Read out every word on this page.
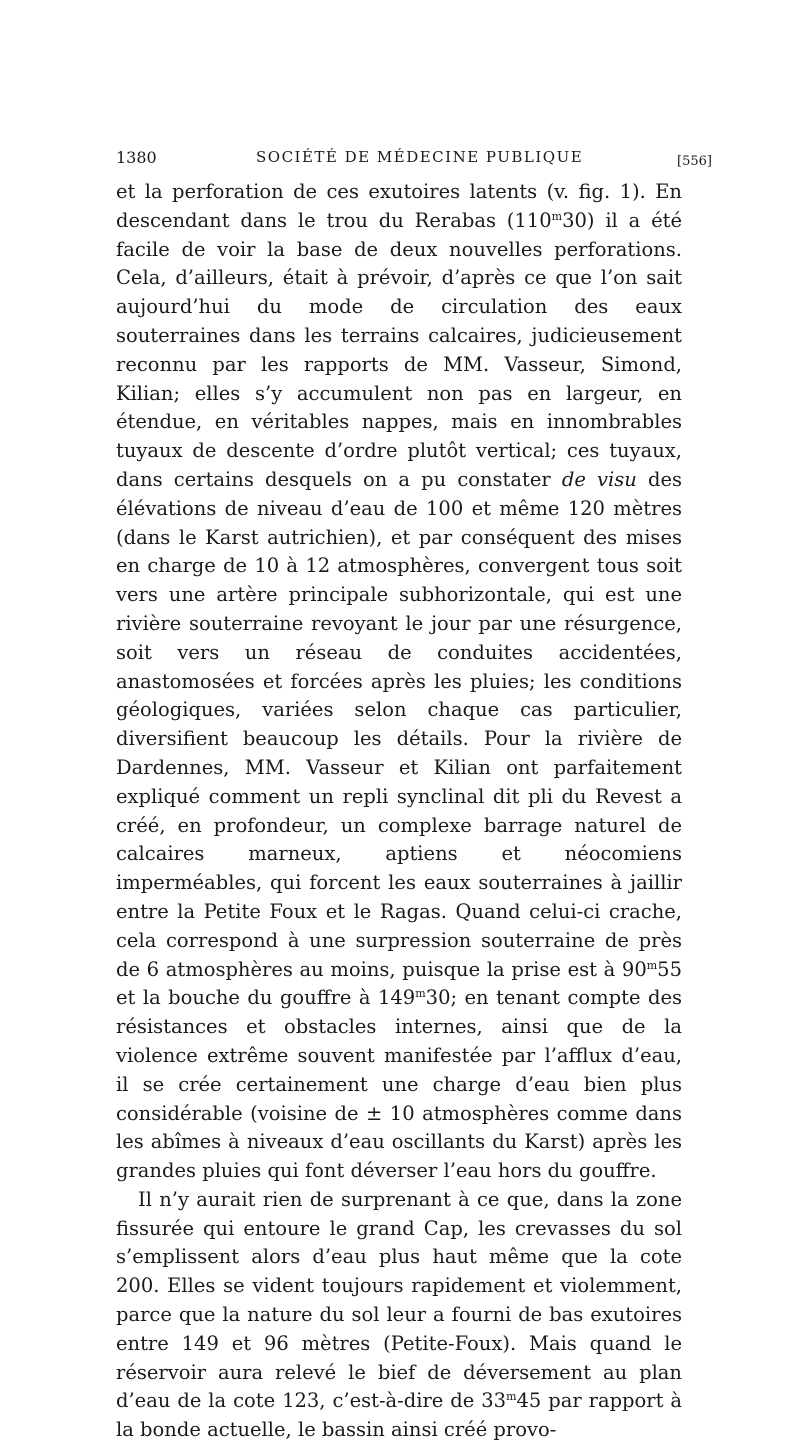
1380	SOCIÉTÉ DE MÉDECINE PUBLIQUE	[556]

et la perforation de ces exutoires latents (v. fig. 1). En descendant dans le trou du Rerabas (110$^m$30) il a été facile de voir la base de deux nouvelles perforations. Cela, d’ailleurs, était à prévoir, d’après ce que l’on sait aujourd’hui du mode de circulation des eaux souterraines dans les terrains calcaires, judicieusement reconnu par les rapports de MM. Vasseur, Simond, Kilian; elles s’y accumulent non pas en largeur, en étendue, en véritables nappes, mais en innombrables tuyaux de descente d’ordre plutôt vertical; ces tuyaux, dans certains desquels on a pu constater de visu des élévations de niveau d’eau de 100 et même 120 mètres (dans le Karst autrichien), et par conséquent des mises en charge de 10 à 12 atmosphères, convergent tous soit vers une artère principale subhorizontale, qui est une rivière souterraine revoyant le jour par une résurgence, soit vers un réseau de conduites accidentées, anastomosées et forcées après les pluies; les conditions géologiques, variées selon chaque cas particulier, diversifient beaucoup les détails. Pour la rivière de Dardennes, MM. Vasseur et Kilian ont parfaitement expliqué comment un repli synclinal dit pli du Revest a créé, en profondeur, un complexe barrage naturel de calcaires marneux, aptiens et néocomiens imperméables, qui forcent les eaux souterraines à jaillir entre la Petite Foux et le Ragas. Quand celui-ci crache, cela correspond à une surpression souterraine de près de 6 atmosphères au moins, puisque la prise est à 90$^m$55 et la bouche du gouffre à 149$^m$30; en tenant compte des résistances et obstacles internes, ainsi que de la violence extrême souvent manifestée par l’afflux d’eau, il se crée certainement une charge d’eau bien plus considérable (voisine de ± 10 atmosphères comme dans les abîmes à niveaux d’eau oscillants du Karst) après les grandes pluies qui font déverser l’eau hors du gouffre.

Il n’y aurait rien de surprenant à ce que, dans la zone fissurée qui entoure le grand Cap, les crevasses du sol s’emplissent alors d’eau plus haut même que la cote 200. Elles se vident toujours rapidement et violemment, parce que la nature du sol leur a fourni de bas exutoires entre 149 et 96 mètres (Petite-Foux). Mais quand le réservoir aura relevé le bief de déversement au plan d’eau de la cote 123, c’est-à-dire de 33$^m$45 par rapport à la bonde actuelle, le bassin ainsi créé provo-
